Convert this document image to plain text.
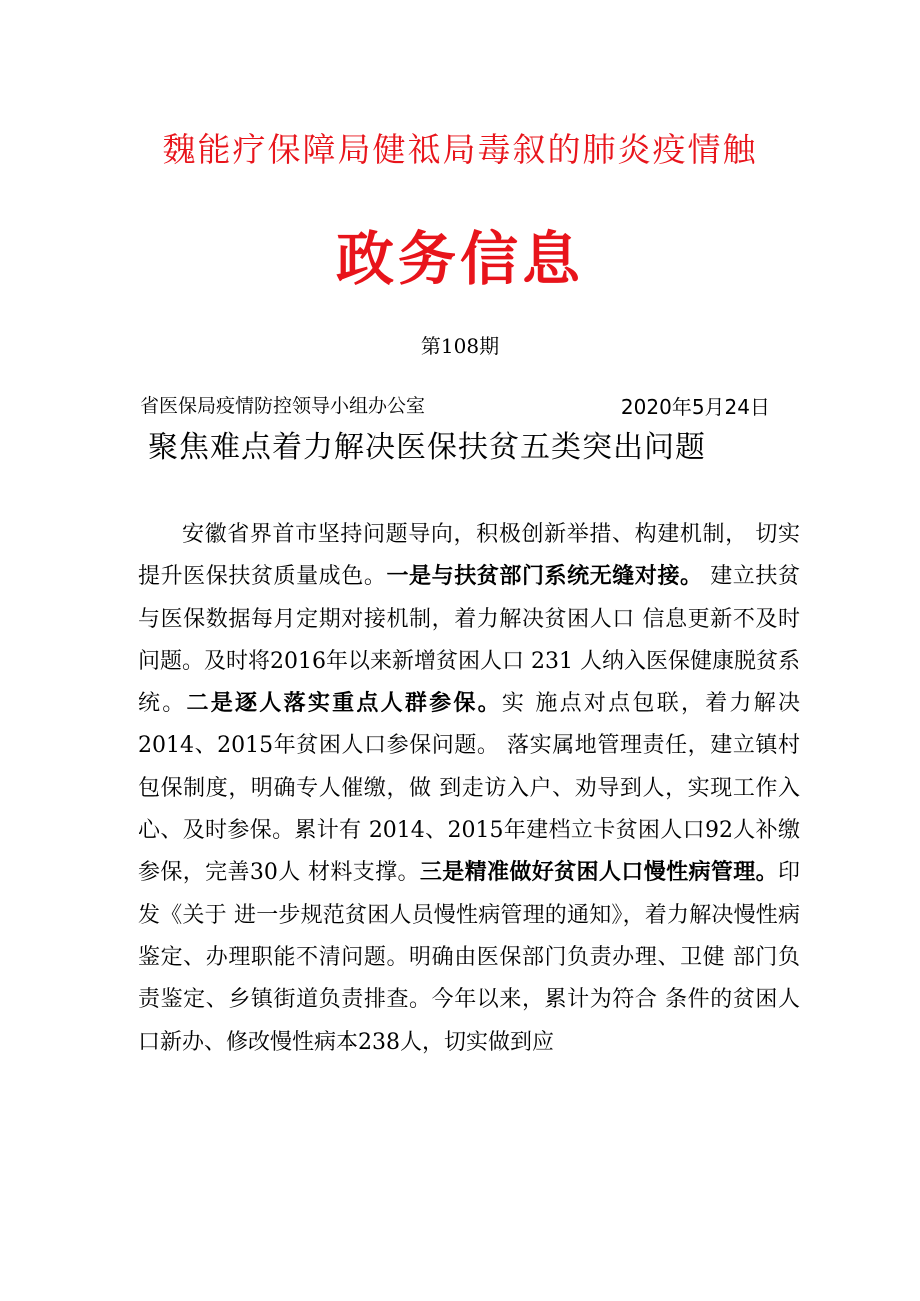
魏能疗保障局健祗局毒叙的肺炎疫情触
政务信息
第108期
省医保局疫情防控领导小组办公室	2020年5月24日
聚焦难点着力解决医保扶贫五类突出问题

安徽省界首市坚持问题导向，积极创新举措、构建机制， 切实提升医保扶贫质量成色。一是与扶贫部门系统无缝对接。 建立扶贫与医保数据每月定期对接机制，着力解决贫困人口 信息更新不及时问题。及时将2016年以来新增贫困人口 231 人纳入医保健康脱贫系统。二是逐人落实重点人群参保。实 施点对点包联，着力解决2014、2015年贫困人口参保问题。 落实属地管理责任，建立镇村包保制度，明确专人催缴，做 到走访入户、劝导到人，实现工作入心、及时参保。累计有 2014、2015年建档立卡贫困人口92人补缴参保，完善30人 材料支撑。三是精准做好贫困人口慢性病管理。印发《关于 进一步规范贫困人员慢性病管理的通知》，着力解决慢性病 鉴定、办理职能不清问题。明确由医保部门负责办理、卫健 部门负责鉴定、乡镇街道负责排查。今年以来，累计为符合 条件的贫困人口新办、修改慢性病本238人，切实做到应
